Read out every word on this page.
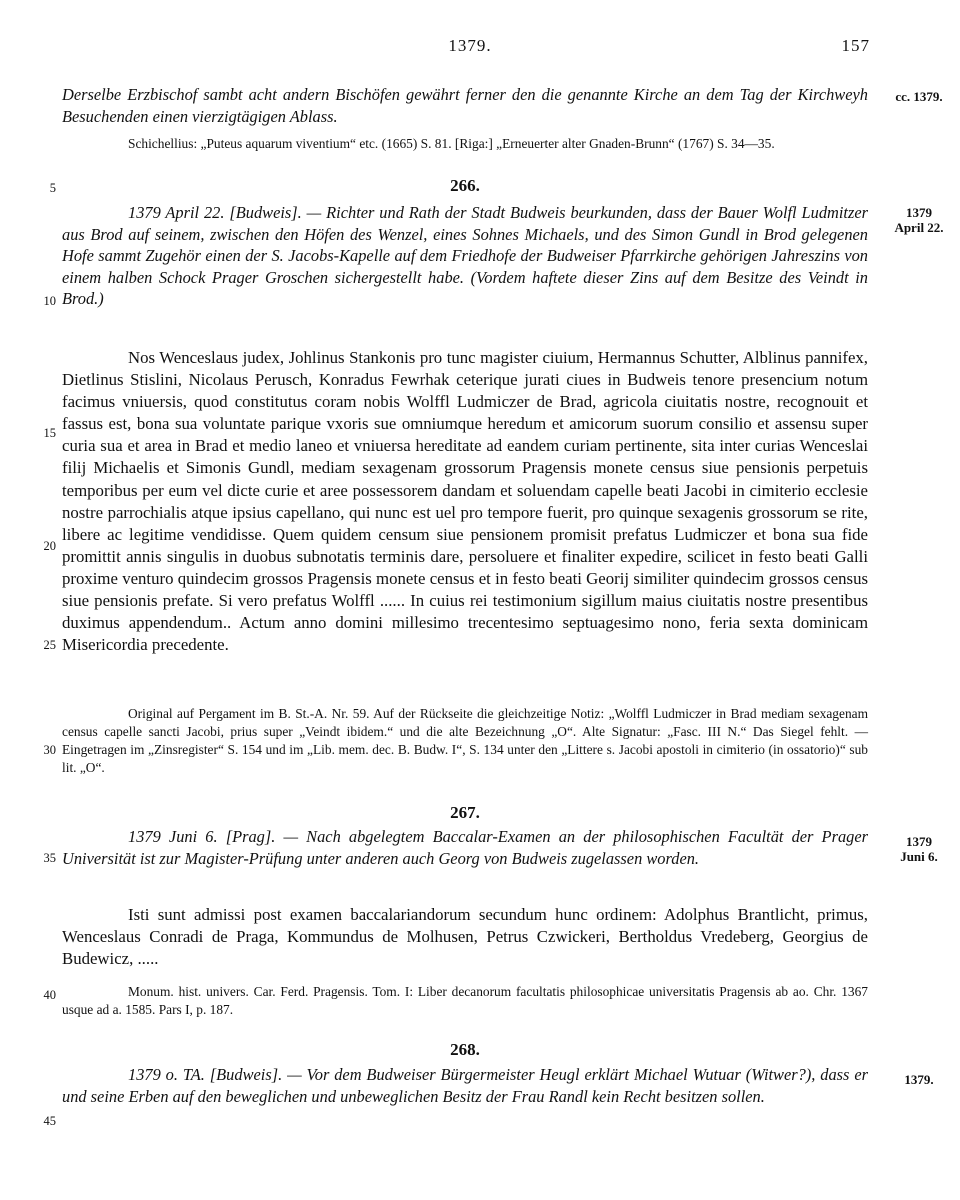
1379.	157

Derselbe Erzbischof sambt acht andern Bischöfen gewährt ferner den die genannte Kirche an dem Tag der Kirchweyh Besuchenden einen vierzigtägigen Ablass.

cc. 1379.

Schichellius: „Puteus aquarum viventium“ etc. (1665) S. 81. [Riga:] „Erneuerter alter Gnaden-Brunn“ (1767) S. 34—35.

266.

1379 April 22. [Budweis]. — Richter und Rath der Stadt Budweis beurkunden, dass der Bauer Wolfl Ludmitzer aus Brod auf seinem, zwischen den Höfen des Wenzel, eines Sohnes Michaels, und des Simon Gundl in Brod gelegenen Hofe sammt Zugehör einen der S. Jacobs-Kapelle auf dem Friedhofe der Budweiser Pfarrkirche gehörigen Jahreszins von einem halben Schock Prager Groschen sichergestellt habe. (Vordem haftete dieser Zins auf dem Besitze des Veindt in Brod.)

1379
April 22.

Nos Wenceslaus judex, Johlinus Stankonis pro tunc magister ciuium, Hermannus Schutter, Alblinus pannifex, Dietlinus Stislini, Nicolaus Perusch, Konradus Fewrhak ceterique jurati ciues in Budweis tenore presencium notum facimus vniuersis, quod constitutus coram nobis Wolffl Ludmiczer de Brad, agricola ciuitatis nostre, recognouit et fassus est, bona sua voluntate parique vxoris sue omniumque heredum et amicorum suorum consilio et assensu super curia sua et area in Brad et medio laneo et vniuersa hereditate ad eandem curiam pertinente, sita inter curias Wenceslai filij Michaelis et Simonis Gundl, mediam sexagenam grossorum Pragensis monete census siue pensionis perpetuis temporibus per eum vel dicte curie et aree possessorem dandam et soluendam capelle beati Jacobi in cimiterio ecclesie nostre parrochialis atque ipsius capellano, qui nunc est uel pro tempore fuerit, pro quinque sexagenis grossorum se rite, libere ac legitime vendidisse. Quem quidem censum siue pensionem promisit prefatus Ludmiczer et bona sua fide promittit annis singulis in duobus subnotatis terminis dare, persoluere et finaliter expedire, scilicet in festo beati Galli proxime venturo quindecim grossos Pragensis monete census et in festo beati Georij similiter quindecim grossos census siue pensionis prefate. Si vero prefatus Wolffl ...... In cuius rei testimonium sigillum maius ciuitatis nostre presentibus duximus appendendum.. Actum anno domini millesimo trecentesimo septuagesimo nono, feria sexta dominicam Misericordia precedente.

Original auf Pergament im B. St.-A. Nr. 59. Auf der Rückseite die gleichzeitige Notiz: „Wolffl Ludmiczer in Brad mediam sexagenam census capelle sancti Jacobi, prius super „Veindt ibidem.“ und die alte Bezeichnung „O“. Alte Signatur: „Fasc. III N.“ Das Siegel fehlt. — Eingetragen im „Zinsregister“ S. 154 und im „Lib. mem. dec. B. Budw. I“, S. 134 unter den „Littere s. Jacobi apostoli in cimiterio (in ossatorio)“ sub lit. „O“.

267.

1379 Juni 6. [Prag]. — Nach abgelegtem Baccalar-Examen an der philosophischen Facultät der Prager Universität ist zur Magister-Prüfung unter anderen auch Georg von Budweis zugelassen worden.

1379
Juni 6.

Isti sunt admissi post examen baccalariandorum secundum hunc ordinem: Adolphus Brantlicht, primus, Wenceslaus Conradi de Praga, Kommundus de Molhusen, Petrus Czwickeri, Bertholdus Vredeberg, Georgius de Budewicz, .....

Monum. hist. univers. Car. Ferd. Pragensis. Tom. I: Liber decanorum facultatis philosophicae universitatis Pragensis ab ao. Chr. 1367 usque ad a. 1585. Pars I, p. 187.

268.

1379 o. TA. [Budweis]. — Vor dem Budweiser Bürgermeister Heugl erklärt Michael Wutuar (Witwer?), dass er und seine Erben auf den beweglichen und unbeweglichen Besitz der Frau Randl kein Recht besitzen sollen.

1379.

5
10
15
20
25
30
35
40
45
